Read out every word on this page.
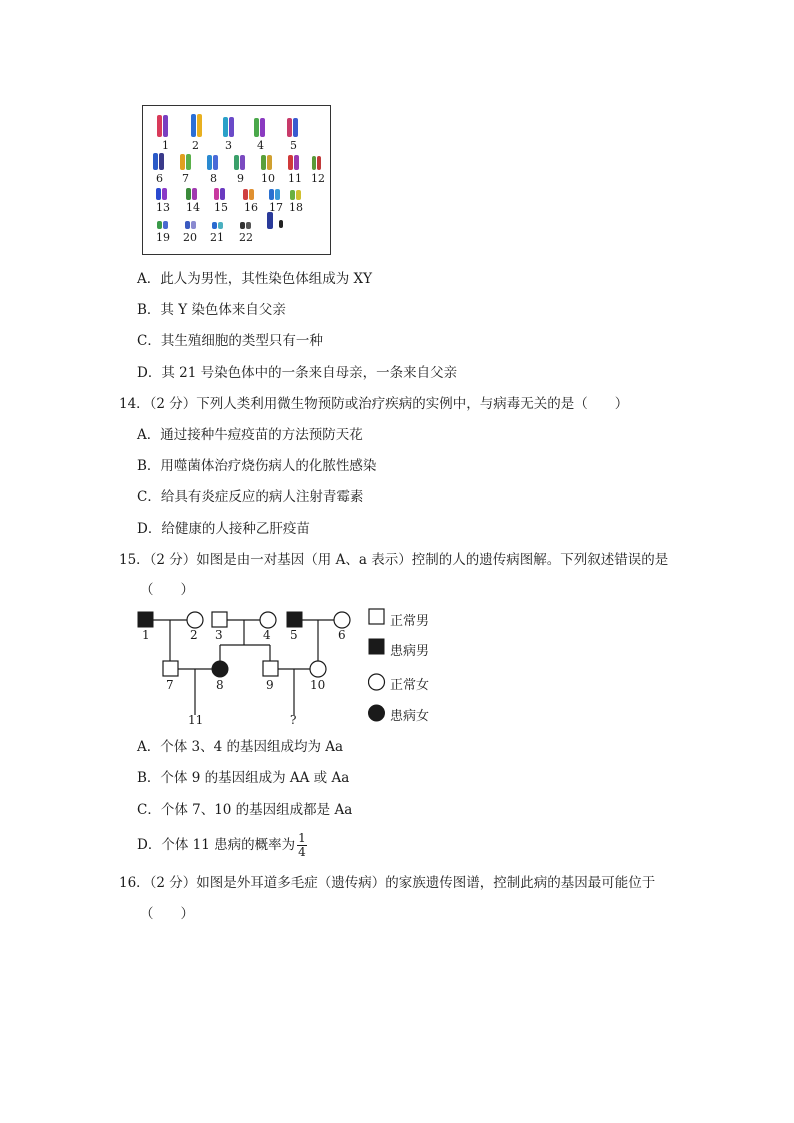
1 2 3 4 5
6 7 8 9 10 11 12
13 14 15 16 17 18
19 20 21 22
A．此人为男性，其性染色体组成为 XY
B．其 Y 染色体来自父亲
C．其生殖细胞的类型只有一种
D．其 21 号染色体中的一条来自母亲，一条来自父亲
14．（2 分）下列人类利用微生物预防或治疗疾病的实例中，与病毒无关的是（　　）
A．通过接种牛痘疫苗的方法预防天花
B．用噬菌体治疗烧伤病人的化脓性感染
C．给具有炎症反应的病人注射青霉素
D．给健康的人接种乙肝疫苗
15．（2 分）如图是由一对基因（用 A、a 表示）控制的人的遗传病图解。下列叙述错误的是
（　　）
1	2 3	4 5	6
7	8	9	10
11	?
正常男
患病男
正常女
患病女
A．个体 3、4 的基因组成均为 Aa
B．个体 9 的基因组成为 AA 或 Aa
C．个体 7、10 的基因组成都是 Aa
D．个体 11 患病的概率为 $\frac{1}{4}$
16．（2 分）如图是外耳道多毛症（遗传病）的家族遗传图谱，控制此病的基因最可能位于
（　　）
